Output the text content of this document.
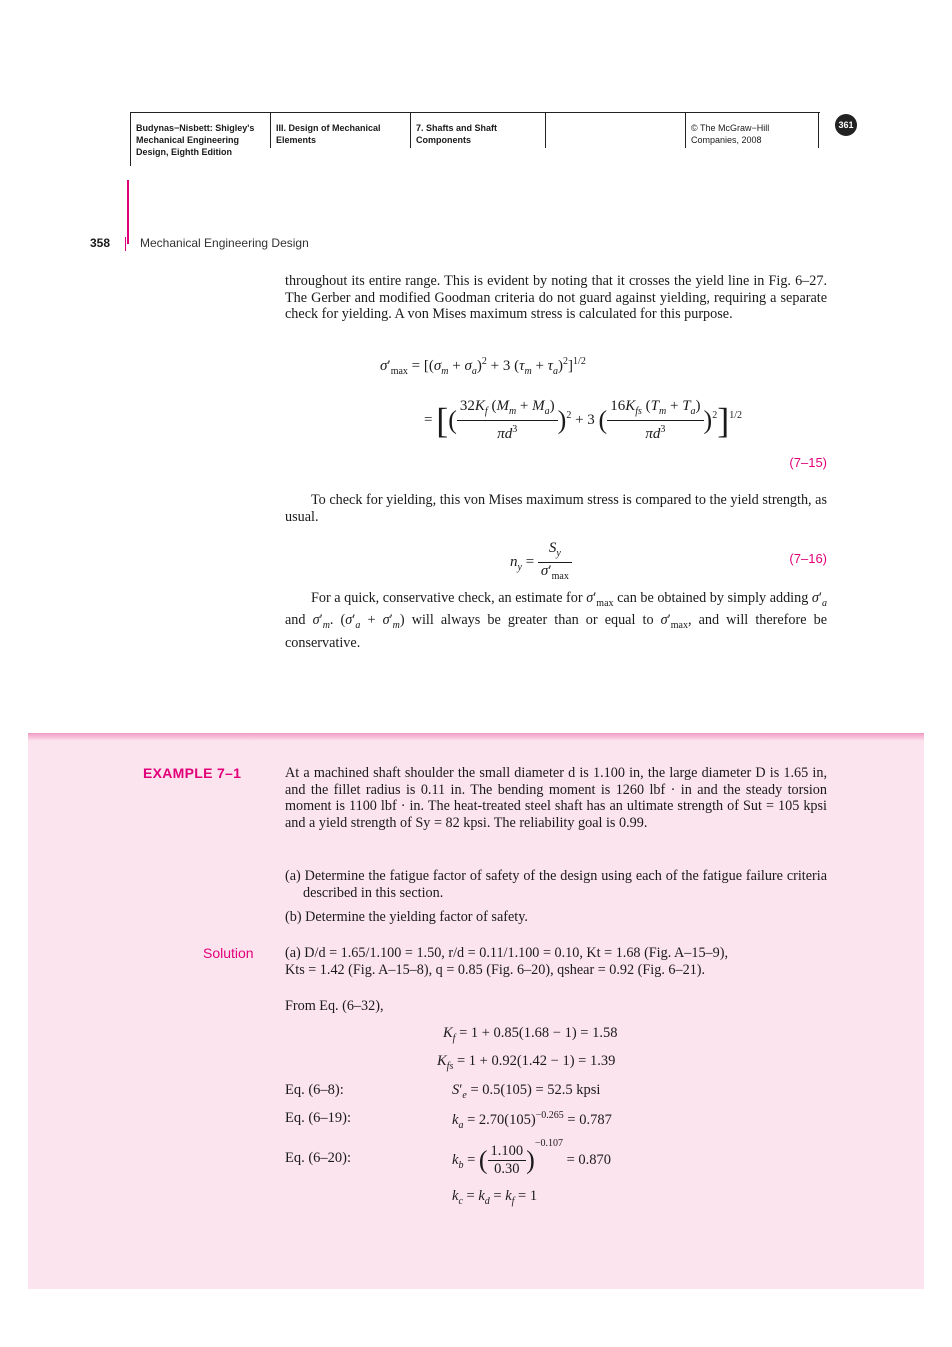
Budynas−Nisbett: Shigley's
Mechanical Engineering
Design, Eighth Edition
III. Design of Mechanical
Elements
7. Shafts and Shaft
Components
© The McGraw−Hill
Companies, 2008
361
358 Mechanical Engineering Design
throughout its entire range. This is evident by noting that it crosses the yield line in Fig. 6–27. The Gerber and modified Goodman criteria do not guard against yielding, requiring a separate check for yielding. A von Mises maximum stress is calculated for this purpose.
$\sigma'_{max} = [(\sigma_m + \sigma_a)^2 + 3$ $(\tau_m + \tau_a)^2]^{1/2}$
= [( $\frac{32K_f (M_m + M_a)}{\pi d^3} )^2 + 3$ ( $\frac{16K_{fs} (T_m + T_a)}{\pi d^3} )^2]^{1/2}$
(7–15)
To check for yielding, this von Mises maximum stress is compared to the yield strength, as usual.
$n_y = \frac{S_y}{\sigma'_{max}}$	(7–16)
For a quick, conservative check, an estimate for $\sigma'_{max}$ can be obtained by simply adding $\sigma'_a$ and $\sigma'_m$. $(\sigma'_a + \sigma'_m)$ will always be greater than or equal to $\sigma'_{max}$, and will therefore be conservative.
EXAMPLE 7–1	At a machined shaft shoulder the small diameter d is 1.100 in, the large diameter D is 1.65 in, and the fillet radius is 0.11 in. The bending moment is 1260 lbf · in and the steady torsion moment is 1100 lbf · in. The heat-treated steel shaft has an ultimate strength of Sut = 105 kpsi and a yield strength of Sy = 82 kpsi. The reliability goal is 0.99.
(a) Determine the fatigue factor of safety of the design using each of the fatigue failure criteria described in this section.
(b) Determine the yielding factor of safety.
Solution (a) D/d = 1.65/1.100 = 1.50, r/d = 0.11/1.100 = 0.10, Kt = 1.68 (Fig. A–15–9),
Kts = 1.42 (Fig. A–15–8), q = 0.85 (Fig. 6–20), qshear = 0.92 (Fig. 6–21).
From Eq. (6–32),
$K_f = 1 + 0.85(1.68 - 1) = 1.58$
$K_{fs} = 1 + 0.92(1.42 - 1) = 1.39$
Eq. (6–8):	$S'_e = 0.5(105) = 52.5$ kpsi
Eq. (6–19):	$k_a = 2.70(105)^{-0.265} = 0.787$
Eq. (6–20):	$k_b$ = ( $\frac{1.100}{0.30} )^{-0.107} = 0.870$
$k_c = k_d = k_f = 1$
